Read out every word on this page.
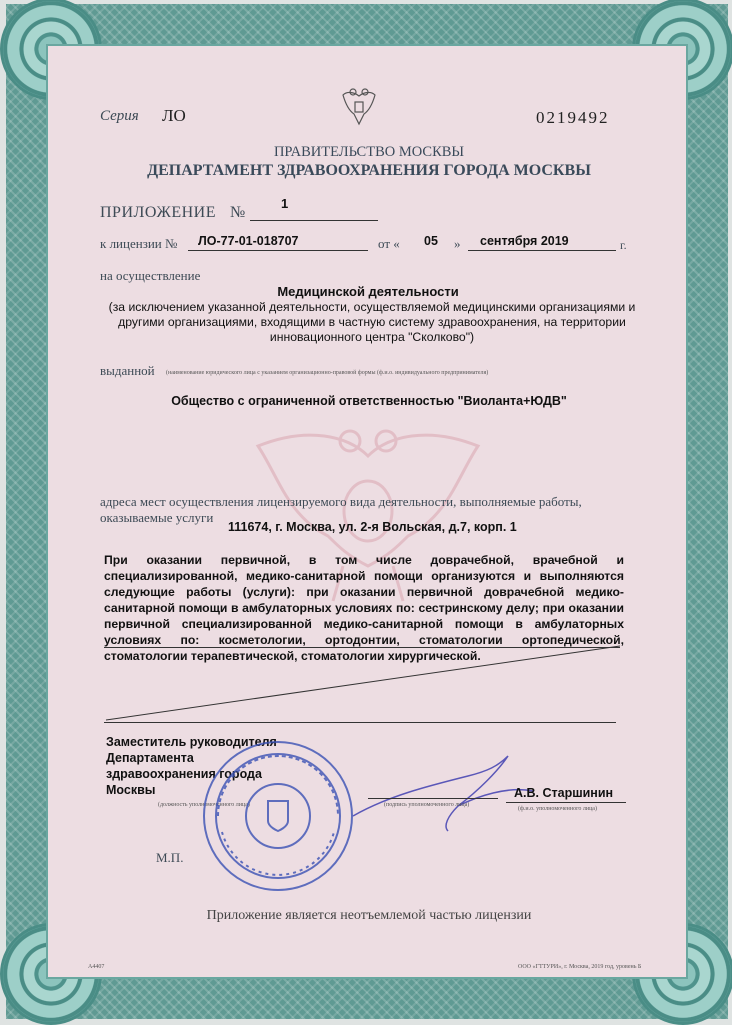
Серия ЛО	0219492
ПРАВИТЕЛЬСТВО МОСКВЫ
ДЕПАРТАМЕНТ ЗДРАВООХРАНЕНИЯ ГОРОДА МОСКВЫ
ПРИЛОЖЕНИЕ №
1
к лицензии № ЛО-77-01-018707	от « 05 » сентября 2019	г.
на осуществление
Медицинской деятельности
(за исключением указанной деятельности, осуществляемой медицинскими организациями и другими организациями, входящими в частную систему здравоохранения, на территории инновационного центра "Сколково")
выданной (наименование юридического лица с указанием организационно-правовой формы (ф.и.о. индивидуального предпринимателя)
Общество с ограниченной ответственностью "Виоланта+ЮДВ"
адреса мест осуществления лицензируемого вида деятельности, выполняемые работы, оказываемые услуги
111674, г. Москва, ул. 2-я Вольская, д.7, корп. 1
При оказании первичной, в том числе доврачебной, врачебной и специализированной, медико-санитарной помощи организуются и выполняются следующие работы (услуги): при оказании первичной доврачебной медико-санитарной помощи в амбулаторных условиях по: сестринскому делу; при оказании первичной специализированной медико-санитарной помощи в амбулаторных условиях по: косметологии, ортодонтии, стоматологии ортопедической, стоматологии терапевтической, стоматологии хирургической.
Заместитель руководителя Департамента здравоохранения города Москвы
(должность уполномоченного лица)	(подпись уполномоченного лица)
А.В. Старшинин
(ф.и.о. уполномоченного лица)
М.П.
Приложение является неотъемлемой частью лицензии
А4407	ООО «ГТТУРИ», г. Москва, 2019 год, уровень Б
